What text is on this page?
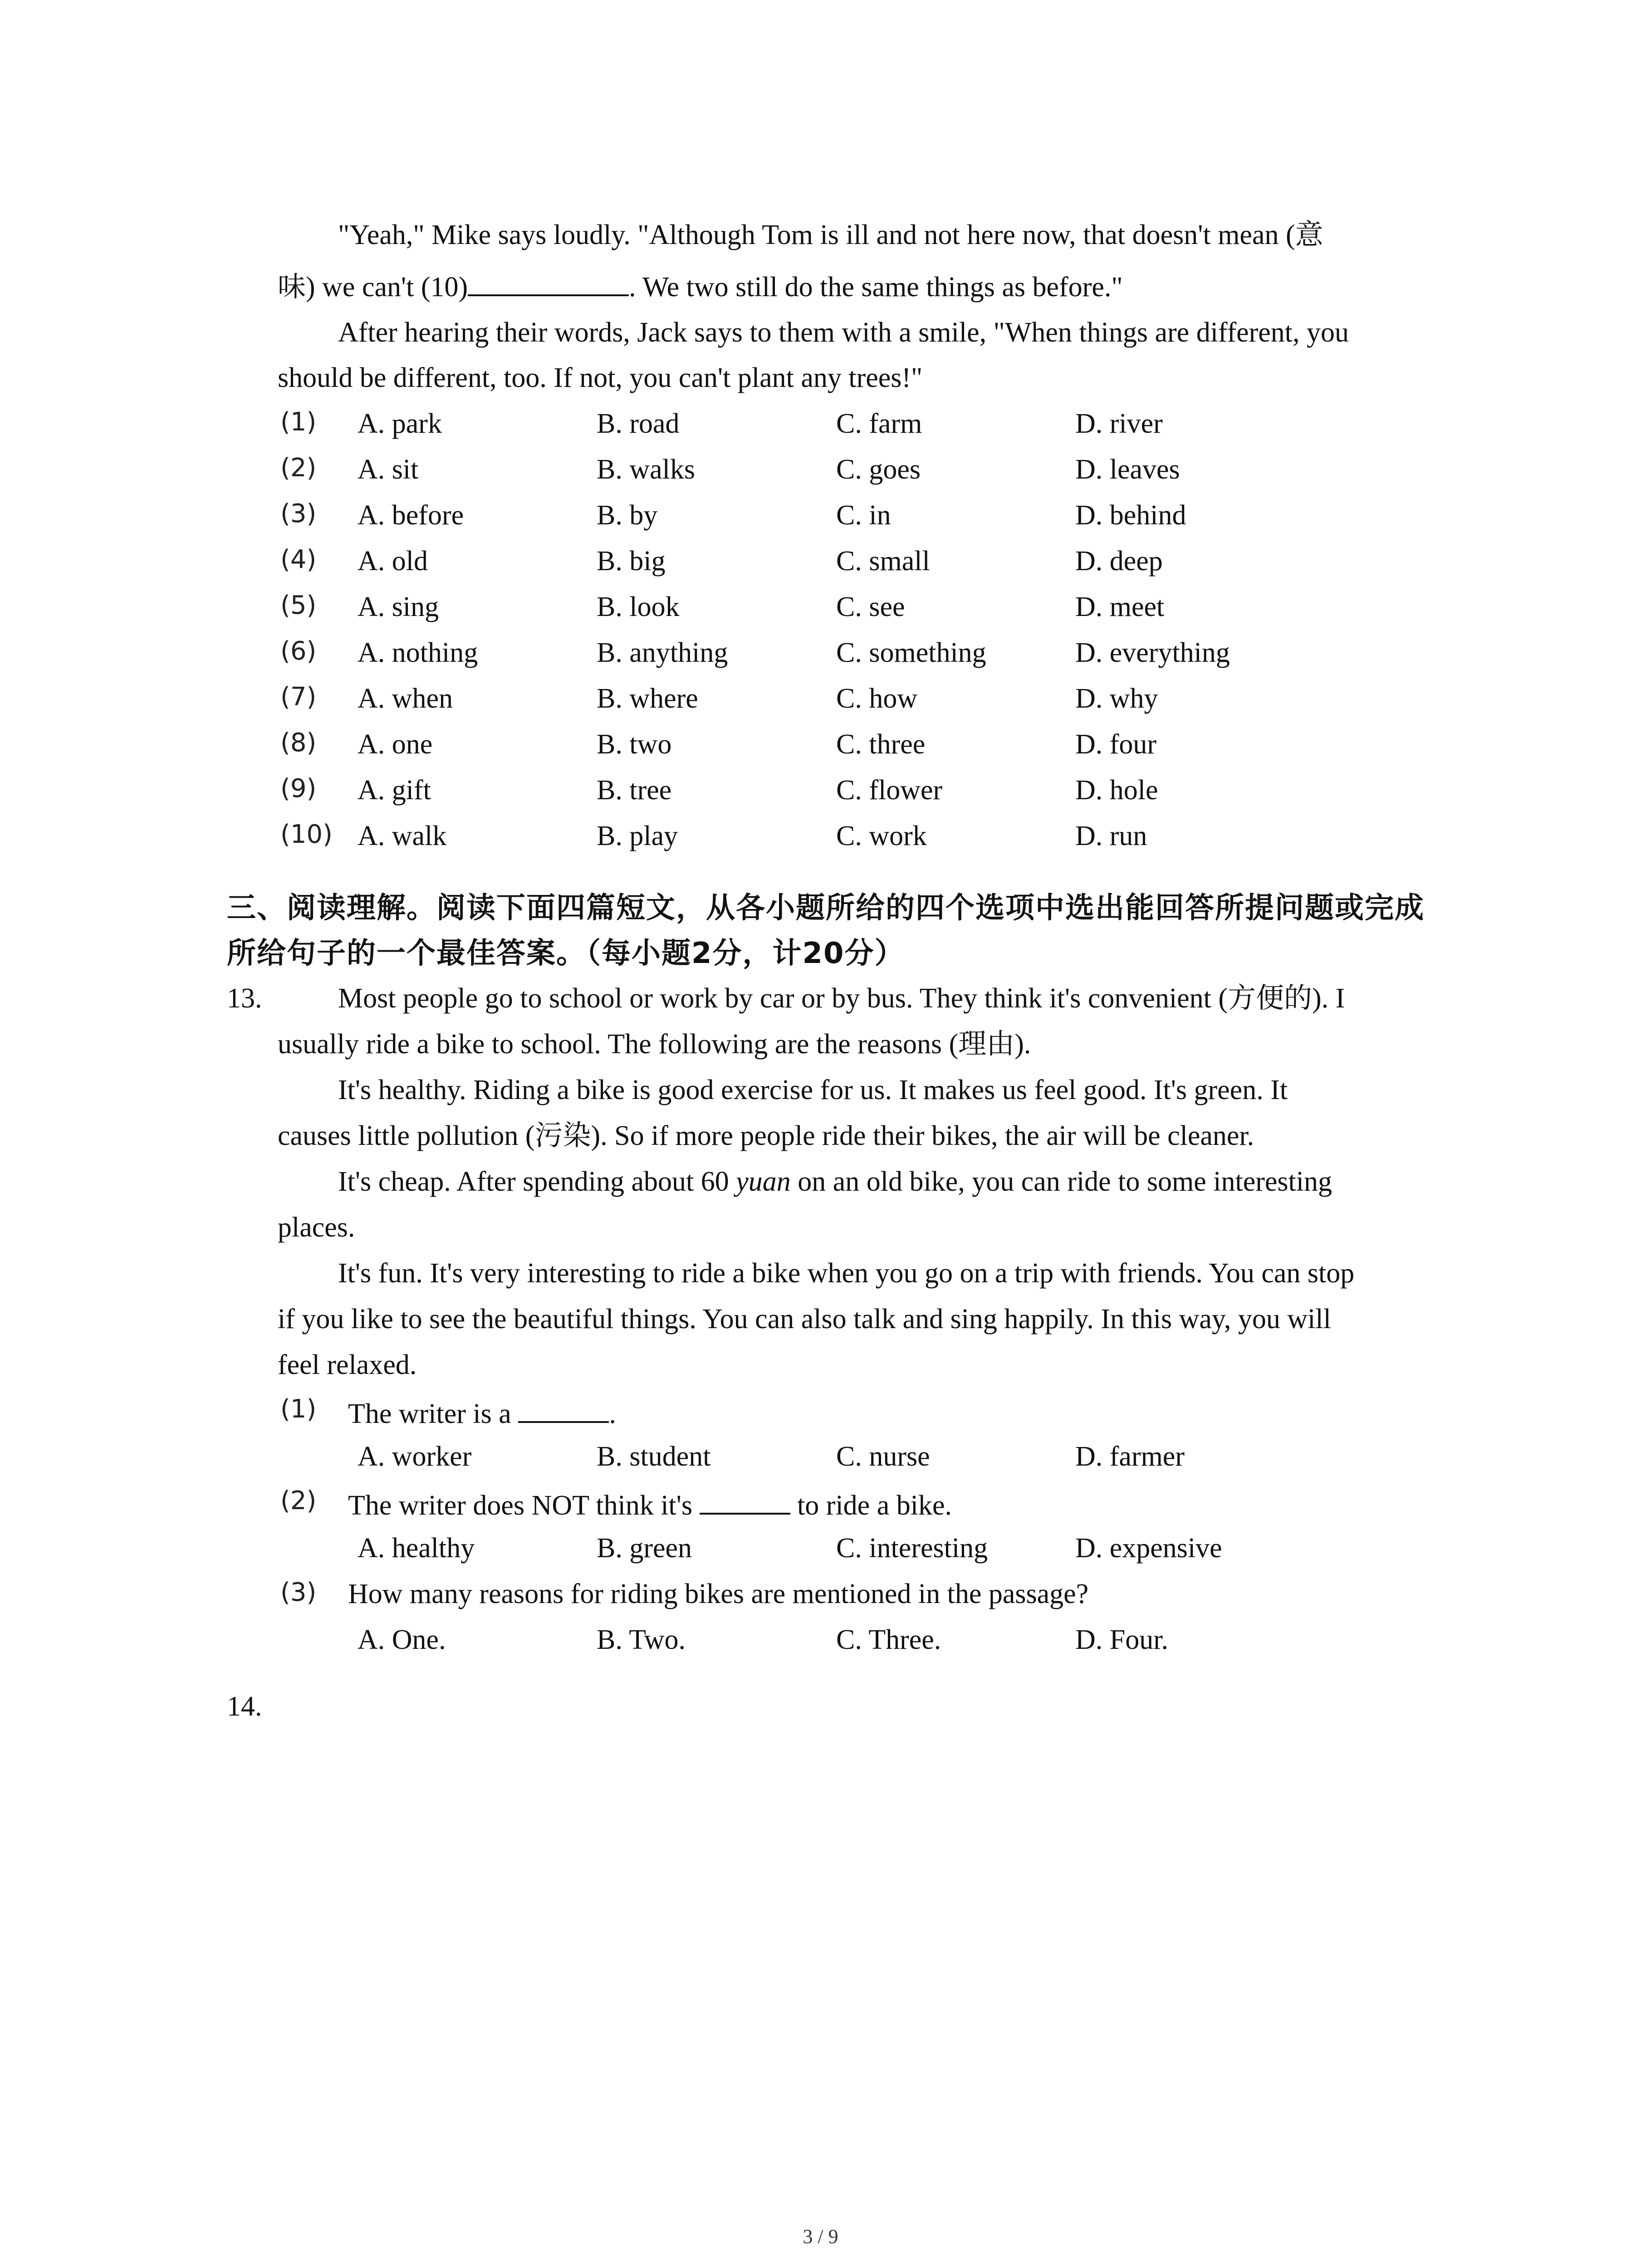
"Yeah," Mike says loudly. "Although Tom is ill and not here now, that doesn't mean (意
味) we can't (10)	. We two still do the same things as before."
After hearing their words, Jack says to them with a smile, "When things are different, you
should be different, too. If not, you can't plant any trees!"
(1) A. park	B. road	C. farm	D. river
(2) A. sit	B. walks	C. goes	D. leaves
(3) A. before	B. by	C. in	D. behind
(4) A. old	B. big	C. small	D. deep
(5) A. sing	B. look	C. see	D. meet
(6) A. nothing	B. anything	C. something	D. everything
(7) A. when	B. where	C. how	D. why
(8) A. one	B. two	C. three	D. four
(9) A. gift	B. tree	C. flower	D. hole
(10) A. walk	B. play	C. work	D. run
三、阅读理解。阅读下面四篇短文，从各小题所给的四个选项中选出能回答所提问题或完成
所给句子的一个最佳答案。（每小题2分，计20分）
13.	Most people go to school or work by car or by bus. They think it's convenient (方便的). I
usually ride a bike to school. The following are the reasons (理由).
It's healthy. Riding a bike is good exercise for us. It makes us feel good. It's green. It
causes little pollution (污染). So if more people ride their bikes, the air will be cleaner.
It's cheap. After spending about 60 yuan on an old bike, you can ride to some interesting
places.
It's fun. It's very interesting to ride a bike when you go on a trip with friends. You can stop
if you like to see the beautiful things. You can also talk and sing happily. In this way, you will
feel relaxed.
(1) The writer is a	.
A. worker	B. student	C. nurse	D. farmer
(2) The writer does NOT think it's	to ride a bike.
A. healthy	B. green	C. interesting	D. expensive
(3) How many reasons for riding bikes are mentioned in the passage?
A. One.	B. Two.	C. Three.	D. Four.
14.
3 / 9
